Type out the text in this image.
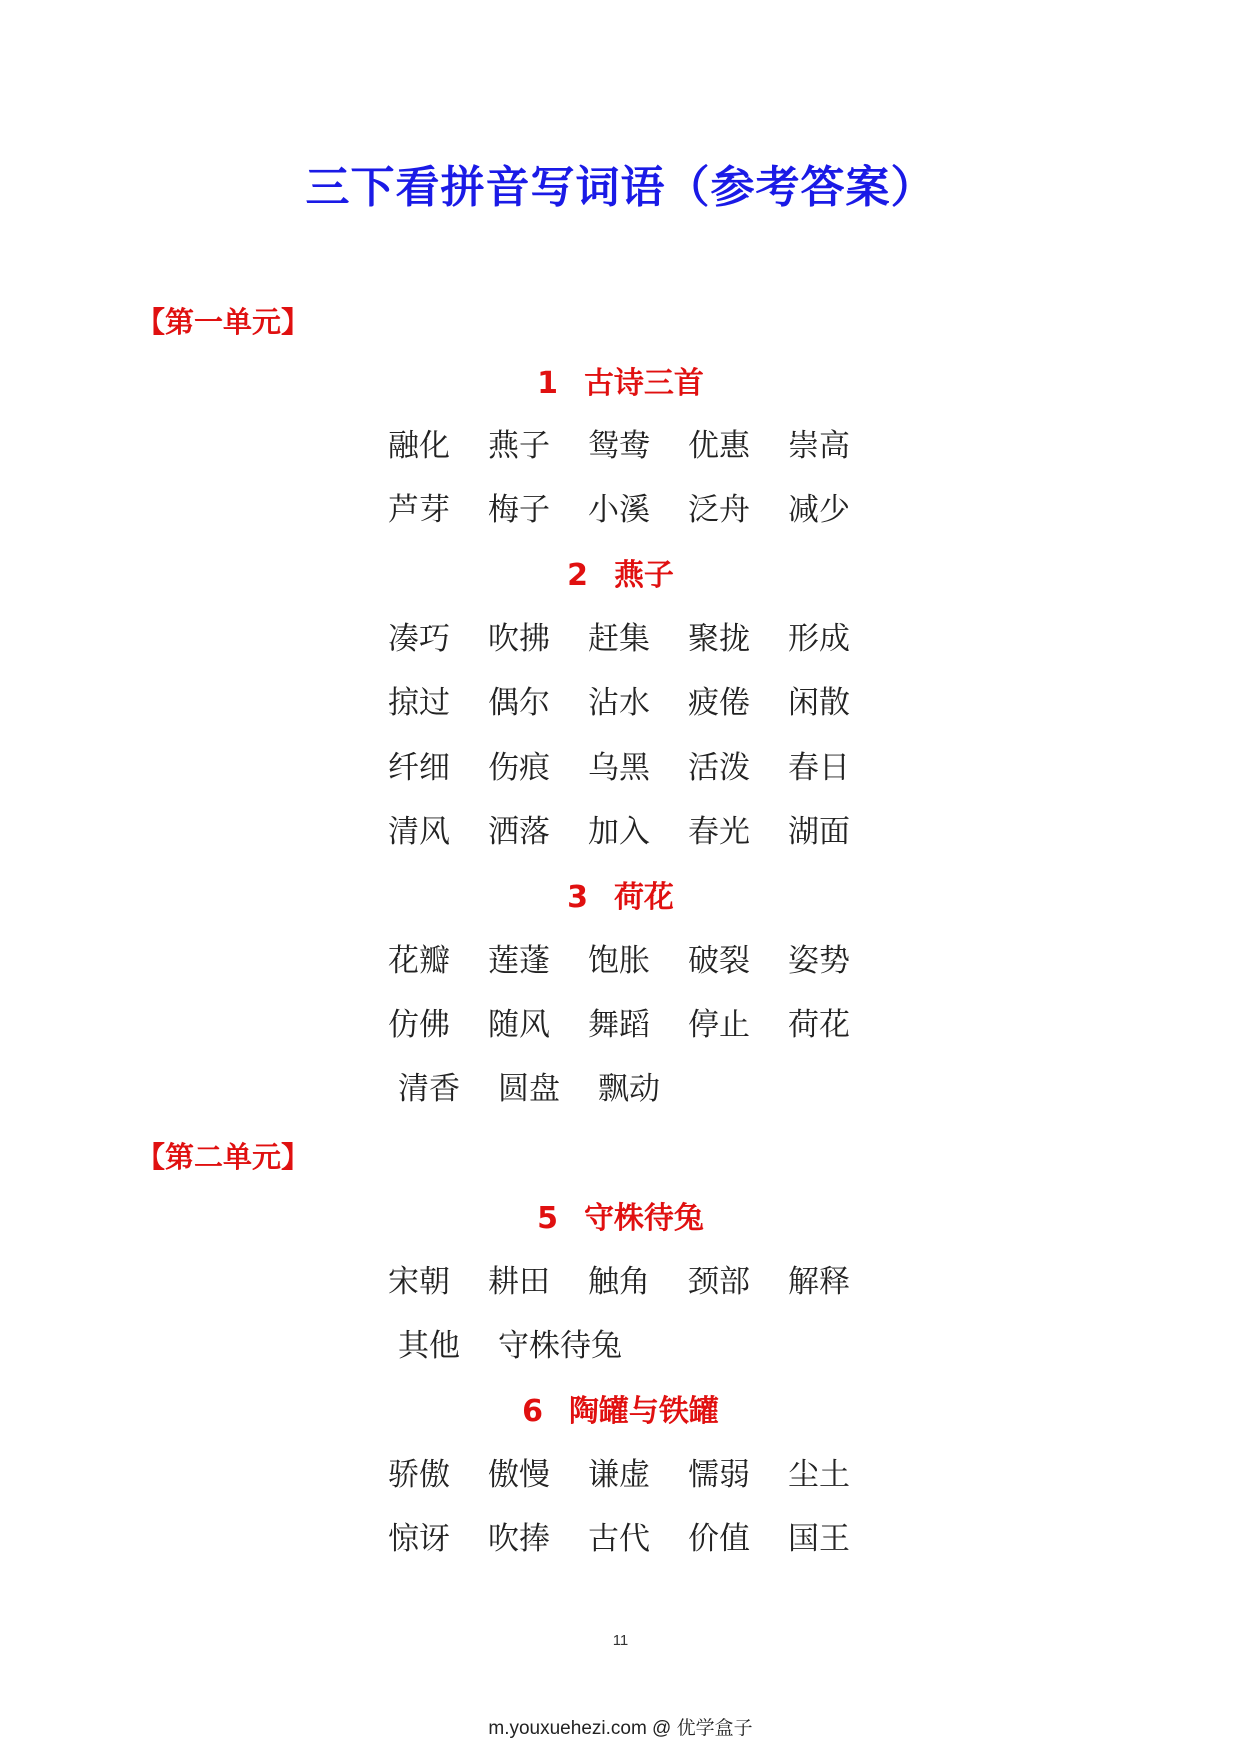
三下看拼音写词语（参考答案）
【第一单元】
1 古诗三首
融化	燕子	鸳鸯	优惠	崇高
芦芽	梅子	小溪	泛舟	减少
2 燕子
凑巧	吹拂	赶集	聚拢	形成
掠过	偶尔	沾水	疲倦	闲散
纤细	伤痕	乌黑	活泼	春日
清风	洒落	加入	春光	湖面
3 荷花
花瓣	莲蓬	饱胀	破裂	姿势
仿佛	随风	舞蹈	停止	荷花
清香	圆盘	飘动
【第二单元】
5 守株待兔
宋朝	耕田	触角	颈部	解释
其他	守株待兔
6 陶罐与铁罐
骄傲	傲慢	谦虚	懦弱	尘土
惊讶	吹捧	古代	价值	国王
11
m.youxuehezi.com @ 优学盒子
